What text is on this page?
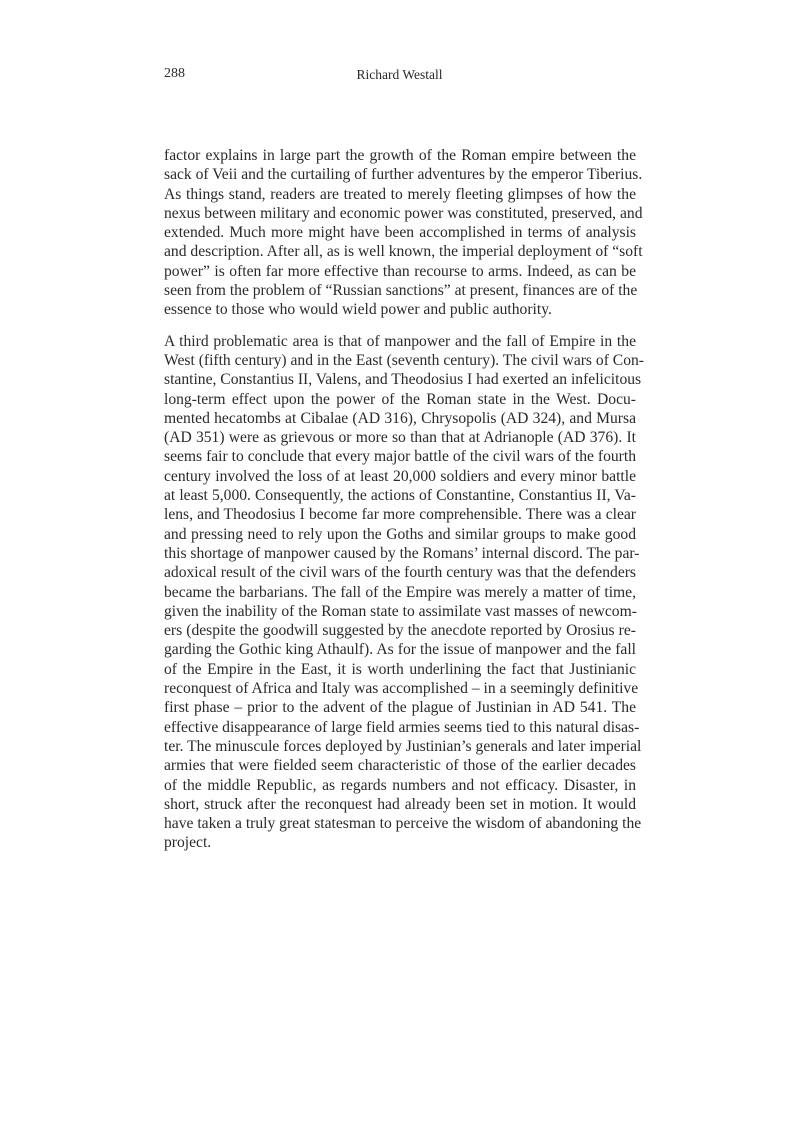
288	Richard Westall

factor explains in large part the growth of the Roman empire between the
sack of Veii and the curtailing of further adventures by the emperor Tiberius.
As things stand, readers are treated to merely fleeting glimpses of how the
nexus between military and economic power was constituted, preserved, and
extended. Much more might have been accomplished in terms of analysis
and description. After all, as is well known, the imperial deployment of “soft
power” is often far more effective than recourse to arms. Indeed, as can be
seen from the problem of “Russian sanctions” at present, finances are of the
essence to those who would wield power and public authority.

A third problematic area is that of manpower and the fall of Empire in the
West (fifth century) and in the East (seventh century). The civil wars of Con-
stantine, Constantius II, Valens, and Theodosius I had exerted an infelicitous
long-term effect upon the power of the Roman state in the West. Docu-
mented hecatombs at Cibalae (AD 316), Chrysopolis (AD 324), and Mursa
(AD 351) were as grievous or more so than that at Adrianople (AD 376). It
seems fair to conclude that every major battle of the civil wars of the fourth
century involved the loss of at least 20,000 soldiers and every minor battle
at least 5,000. Consequently, the actions of Constantine, Constantius II, Va-
lens, and Theodosius I become far more comprehensible. There was a clear
and pressing need to rely upon the Goths and similar groups to make good
this shortage of manpower caused by the Romans’ internal discord. The par-
adoxical result of the civil wars of the fourth century was that the defenders
became the barbarians. The fall of the Empire was merely a matter of time,
given the inability of the Roman state to assimilate vast masses of newcom-
ers (despite the goodwill suggested by the anecdote reported by Orosius re-
garding the Gothic king Athaulf). As for the issue of manpower and the fall
of the Empire in the East, it is worth underlining the fact that Justinianic
reconquest of Africa and Italy was accomplished – in a seemingly definitive
first phase – prior to the advent of the plague of Justinian in AD 541. The
effective disappearance of large field armies seems tied to this natural disas-
ter. The minuscule forces deployed by Justinian’s generals and later imperial
armies that were fielded seem characteristic of those of the earlier decades
of the middle Republic, as regards numbers and not efficacy. Disaster, in
short, struck after the reconquest had already been set in motion. It would
have taken a truly great statesman to perceive the wisdom of abandoning the
project.
